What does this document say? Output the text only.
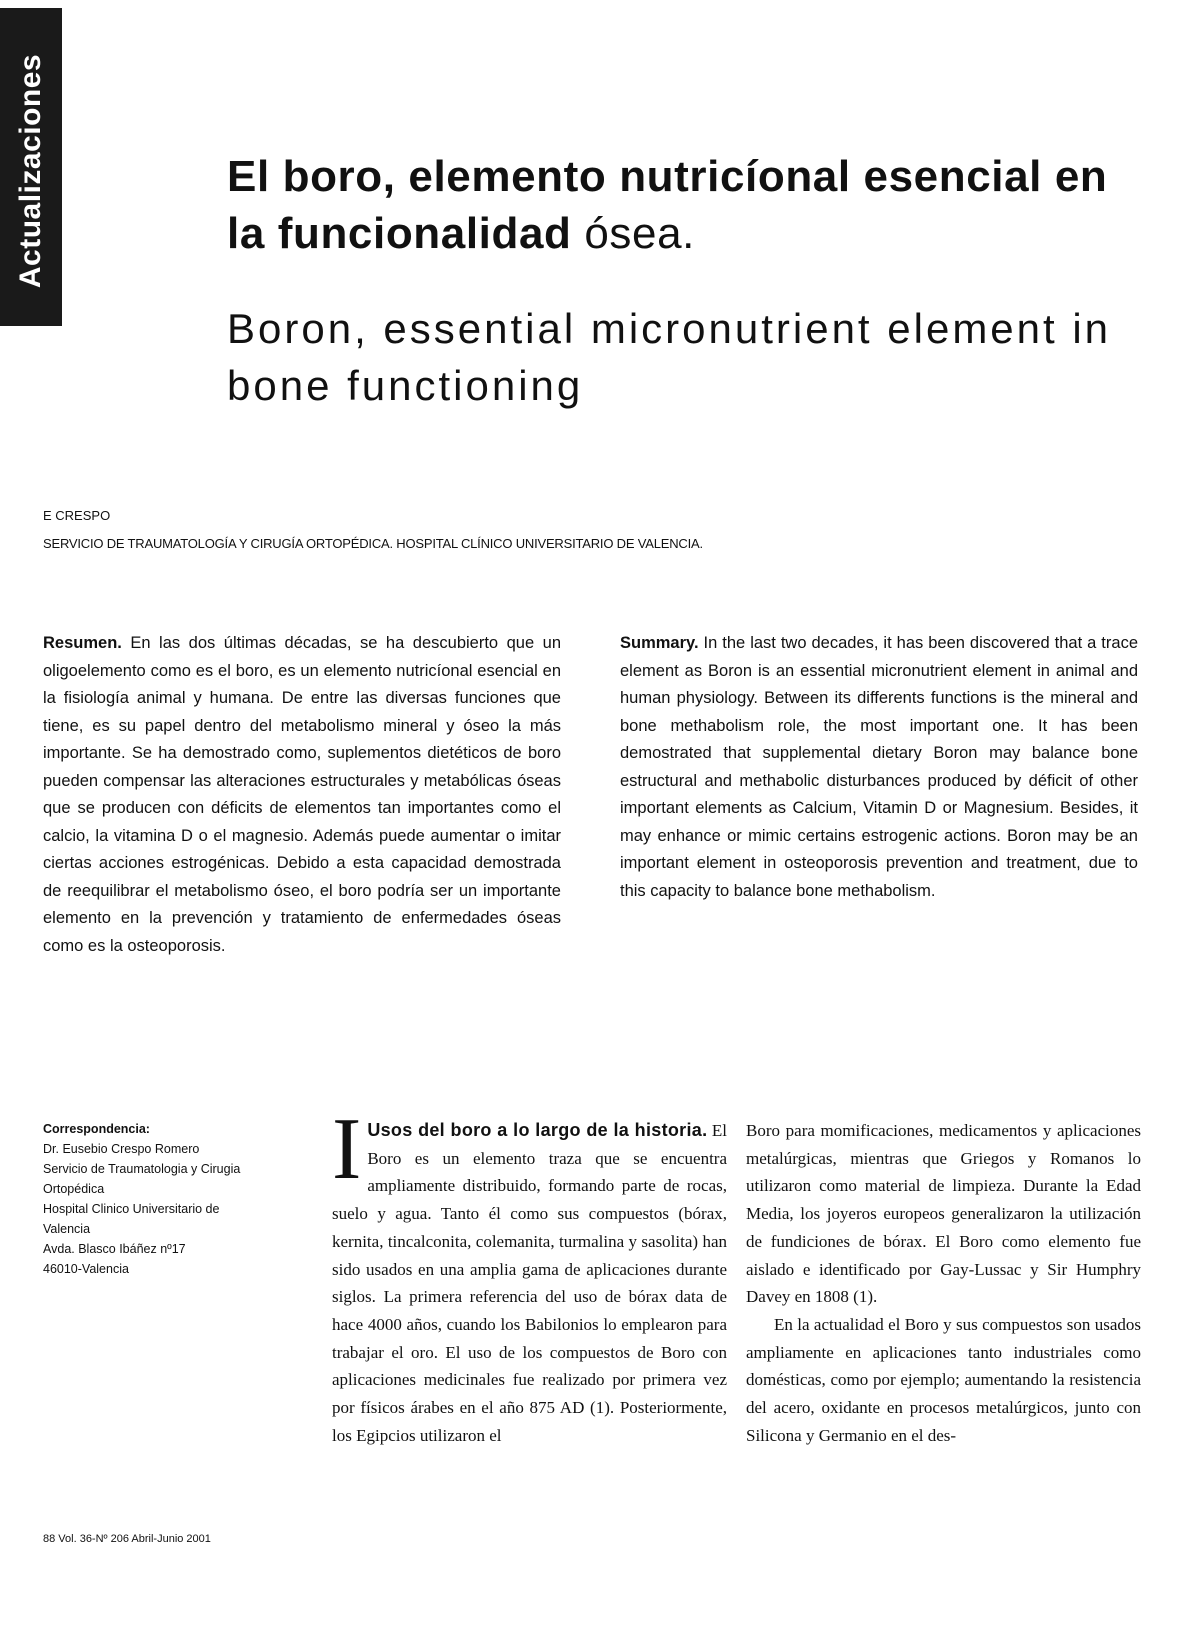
Actualizaciones	El boro, elemento nutricíonal esencial en la funcionalidad ósea.
Boron, essential micronutrient element in bone functioning
E CRESPO
SERVICIO DE TRAUMATOLOGÍA Y CIRUGÍA ORTOPÉDICA. HOSPITAL CLÍNICO UNIVERSITARIO DE VALENCIA.

Resumen. En las dos últimas décadas, se ha descubierto que un oligoelemento como es el boro, es un elemento nutricíonal esencial en la fisiología animal y humana. De entre las diversas funciones que tiene, es su papel dentro del metabolismo mineral y óseo la más importante. Se ha demostrado como, suplementos dietéticos de boro pueden compensar las alteraciones estructurales y metabólicas óseas que se producen con déficits de elementos tan importantes como el calcio, la vitamina D o el magnesio. Además puede aumentar o imitar ciertas acciones estrogénicas. Debido a esta capacidad demostrada de reequilibrar el metabolismo óseo, el boro podría ser un importante elemento en la prevención y tratamiento de enfermedades óseas como es la osteoporosis.

Summary. In the last two decades, it has been discovered that a trace element as Boron is an essential micronutrient element in animal and human physiology. Between its differents functions is the mineral and bone methabolism role, the most important one. It has been demostrated that supplemental dietary Boron may balance bone estructural and methabolic disturbances produced by déficit of other important elements as Calcium, Vitamin D or Magnesium. Besides, it may enhance or mimic certains estrogenic actions. Boron may be an important element in osteoporosis prevention and treatment, due to this capacity to balance bone methabolism.

Correspondencia:
Dr. Eusebio Crespo Romero
Servicio de Traumatologia y Cirugia
Ortopédica
Hospital Clinico Universitario de
Valencia
Avda. Blasco Ibáñez nº17
46010-Valencia

I Usos del boro a lo largo de la historia. El Boro es un elemento traza que se encuentra ampliamente distribuido, formando parte de rocas, suelo y agua. Tanto él como sus compuestos (bórax, kernita, tincalconita, colemanita, turmalina y sasolita) han sido usados en una amplia gama de aplicaciones durante siglos. La primera referencia del uso de bórax data de hace 4000 años, cuando los Babilonios lo emplearon para trabajar el oro. El uso de los compuestos de Boro con aplicaciones medicinales fue realizado por primera vez por físicos árabes en el año 875 AD (1). Posteriormente, los Egipcios utilizaron el

Boro para momificaciones, medicamentos y aplicaciones metalúrgicas, mientras que Griegos y Romanos lo utilizaron como material de limpieza. Durante la Edad Media, los joyeros europeos generalizaron la utilización de fundiciones de bórax. El Boro como elemento fue aislado e identificado por Gay-Lussac y Sir Humphry Davey en 1808 (1).

En la actualidad el Boro y sus compuestos son usados ampliamente en aplicaciones tanto industriales como domésticas, como por ejemplo; aumentando la resistencia del acero, oxidante en procesos metalúrgicos, junto con Silicona y Germanio en el des-

88 Vol. 36-Nº 206 Abril-Junio 2001
